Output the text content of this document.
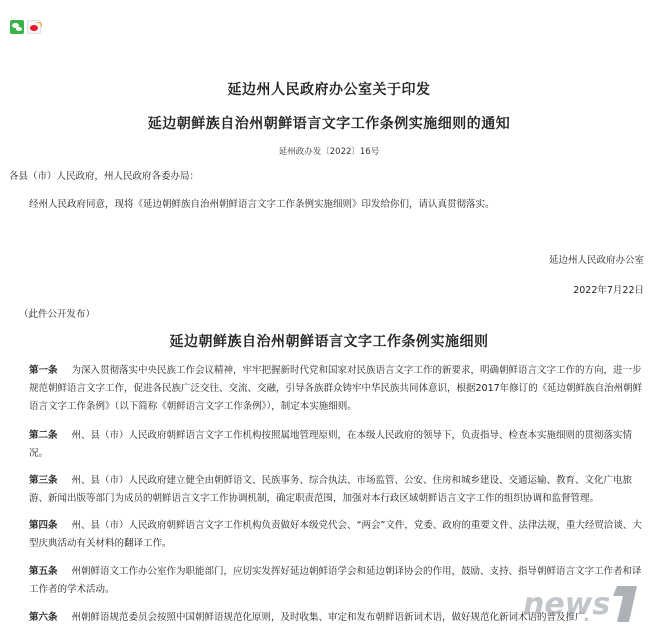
延边州人民政府办公室关于印发
延边朝鲜族自治州朝鲜语言文字工作条例实施细则的通知
延州政办发〔2022〕16号
各县（市）人民政府，州人民政府各委办局：
经州人民政府同意，现将《延边朝鲜族自治州朝鲜语言文字工作条例实施细则》印发给你们，请认真贯彻落实。
延边州人民政府办公室
2022年7月22日
（此件公开发布）
延边朝鲜族自治州朝鲜语言文字工作条例实施细则
第一条 为深入贯彻落实中央民族工作会议精神，牢牢把握新时代党和国家对民族语言文字工作的新要求，明确朝鲜语言文字工作的方向，进一步规范朝鲜语言文字工作，促进各民族广泛交往、交流、交融，引导各族群众铸牢中华民族共同体意识，根据2017年修订的《延边朝鲜族自治州朝鲜语言文字工作条例》（以下简称《朝鲜语言文字工作条例》），制定本实施细则。
第二条 州、县（市）人民政府朝鲜语言文字工作机构按照属地管理原则，在本级人民政府的领导下，负责指导、检查本实施细则的贯彻落实情况。
第三条 州、县（市）人民政府建立健全由朝鲜语文、民族事务、综合执法、市场监管、公安、住房和城乡建设、交通运输、教育、文化广电旅游、新闻出版等部门为成员的朝鲜语言文字工作协调机制，确定职责范围，加强对本行政区域朝鲜语言文字工作的组织协调和监督管理。
第四条 州、县（市）人民政府朝鲜语言文字工作机构负责做好本级党代会、“两会”文件，党委、政府的重要文件、法律法规，重大经贸洽谈、大型庆典活动有关材料的翻译工作。
第五条 州朝鲜语文工作办公室作为职能部门，应切实发挥好延边朝鲜语学会和延边朝译协会的作用，鼓励、支持、指导朝鲜语言文字工作者和译工作者的学术活动。
第六条 州朝鲜语规范委员会按照中国朝鲜语规范化原则，及时收集、审定和发布朝鲜语新词术语，做好规范化新词术语的普及推广。
news
